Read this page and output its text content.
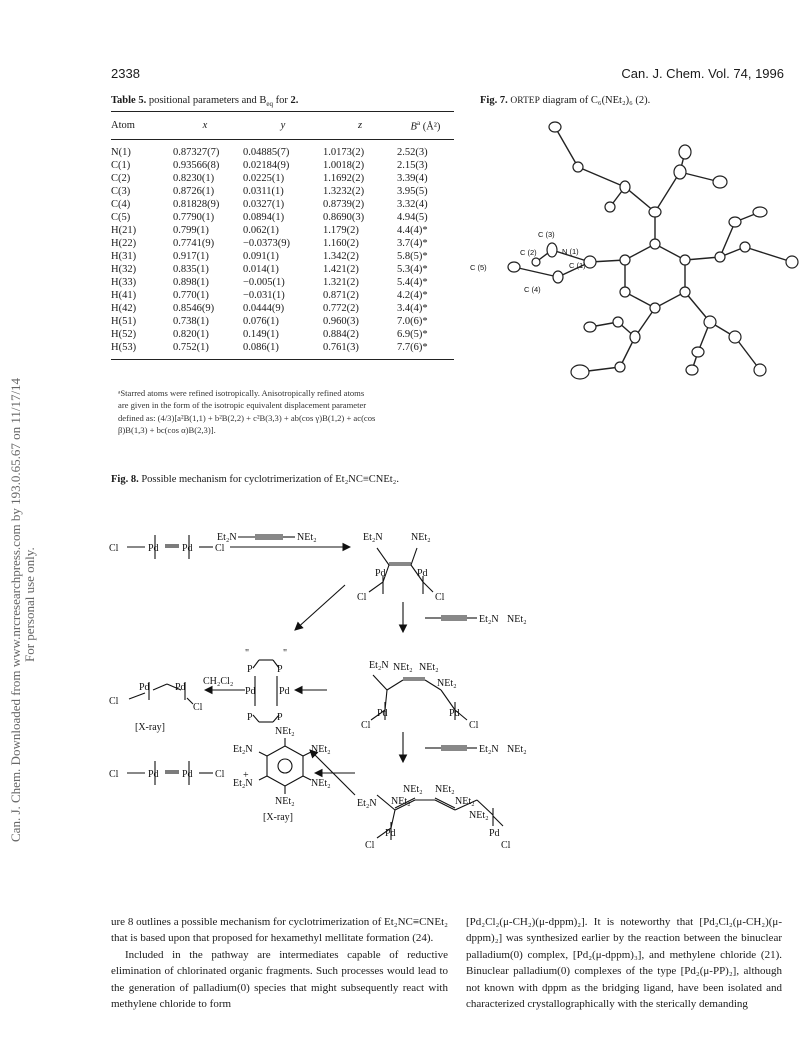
Can. J. Chem. Downloaded from www.nrcresearchpress.com by 193.0.65.67 on 11/17/14 For personal use only.
2338	Can. J. Chem. Vol. 74, 1996
Table 5. positional parameters and $B_{eq}$ for 2.
Atom	x	y	z	$B^a$ (Å²)
N(1)	0.87327(7)	0.04885(7)	1.0173(2)	2.52(3)
C(1)	0.93566(8)	0.02184(9)	1.0018(2)	2.15(3)
C(2)	0.8230(1)	0.0225(1)	1.1692(2)	3.39(4)
C(3)	0.8726(1)	0.0311(1)	1.3232(2)	3.95(5)
C(4)	0.81828(9)	0.0327(1)	0.8739(2)	3.32(4)
C(5)	0.7790(1)	0.0894(1)	0.8690(3)	4.94(5)
H(21)	0.799(1)	0.062(1)	1.179(2)	4.4(4)*
H(22)	0.7741(9)	−0.0373(9)	1.160(2)	3.7(4)*
H(31)	0.917(1)	0.091(1)	1.342(2)	5.8(5)*
H(32)	0.835(1)	0.014(1)	1.421(2)	5.3(4)*
H(33)	0.898(1)	−0.005(1)	1.321(2)	5.4(4)*
H(41)	0.770(1)	−0.031(1)	0.871(2)	4.2(4)*
H(42)	0.8546(9)	0.0444(9)	0.772(2)	3.4(4)*
H(51)	0.738(1)	0.076(1)	0.960(3)	7.0(6)*
H(52)	0.820(1)	0.149(1)	0.884(2)	6.9(5)*
H(53)	0.752(1)	0.086(1)	0.761(3)	7.7(6)*
ᵃStarred atoms were refined isotropically. Anisotropically refined atoms
are given in the form of the isotropic equivalent displacement parameter
defined as: (4/3)[a²B(1,1) + b²B(2,2) + c²B(3,3) + ab(cos γ)B(1,2) + ac(cos
β)B(1,3) + bc(cos α)B(2,3)].
Fig. 7. ORTEP diagram of C₆(NEt₂)₆ (2).
C (3)
C (2)	N (1)
C (1)
C (5)
C (4)
Fig. 8. Possible mechanism for cyclotrimerization of Et₂NC≡CNEt₂.
Cl	Pd Pd Cl
Et₂N	NEt₂	Et₂N	NEt₂
Pd	Pd
Cl	Cl
Et₂N NEt₂
"	"
P P
Pd Pd
P P
CH₂Cl₂
Pd	Pd
Cl
Cl
[X-ray]
Et₂N NEt₂ NEt₂
NEt₂
Pd	Pd
Cl	Cl
Et₂N NEt₂
Cl	Pd Pd Cl +
NEt₂
Et₂N	NEt₂
Et₂N	NEt₂
NEt₂
[X-ray]
NEt₂ NEt₂
NEt₂	NEt₂
Et₂N
NEt₂
Pd	Pd
Cl	Cl

ure 8 outlines a possible mechanism for cyclotrimerization of Et₂NC≡CNEt₂ that is based upon that proposed for hexamethyl mellitate formation (24).

Included in the pathway are intermediates capable of reductive elimination of chlorinated organic fragments. Such processes would lead to the generation of palladium(0) species that might subsequently react with methylene chloride to form

[Pd₂Cl₂(μ-CH₂)(μ-dppm)₂]. It is noteworthy that [Pd₂Cl₂(μ-CH₂)(μ-dppm)₂] was synthesized earlier by the reaction between the binuclear palladium(0) complex, [Pd₂(μ-dppm)₃], and methylene chloride (21). Binuclear palladium(0) complexes of the type [Pd₂(μ-PP)₂], although not known with dppm as the bridging ligand, have been isolated and characterized crystallographically with the sterically demanding
